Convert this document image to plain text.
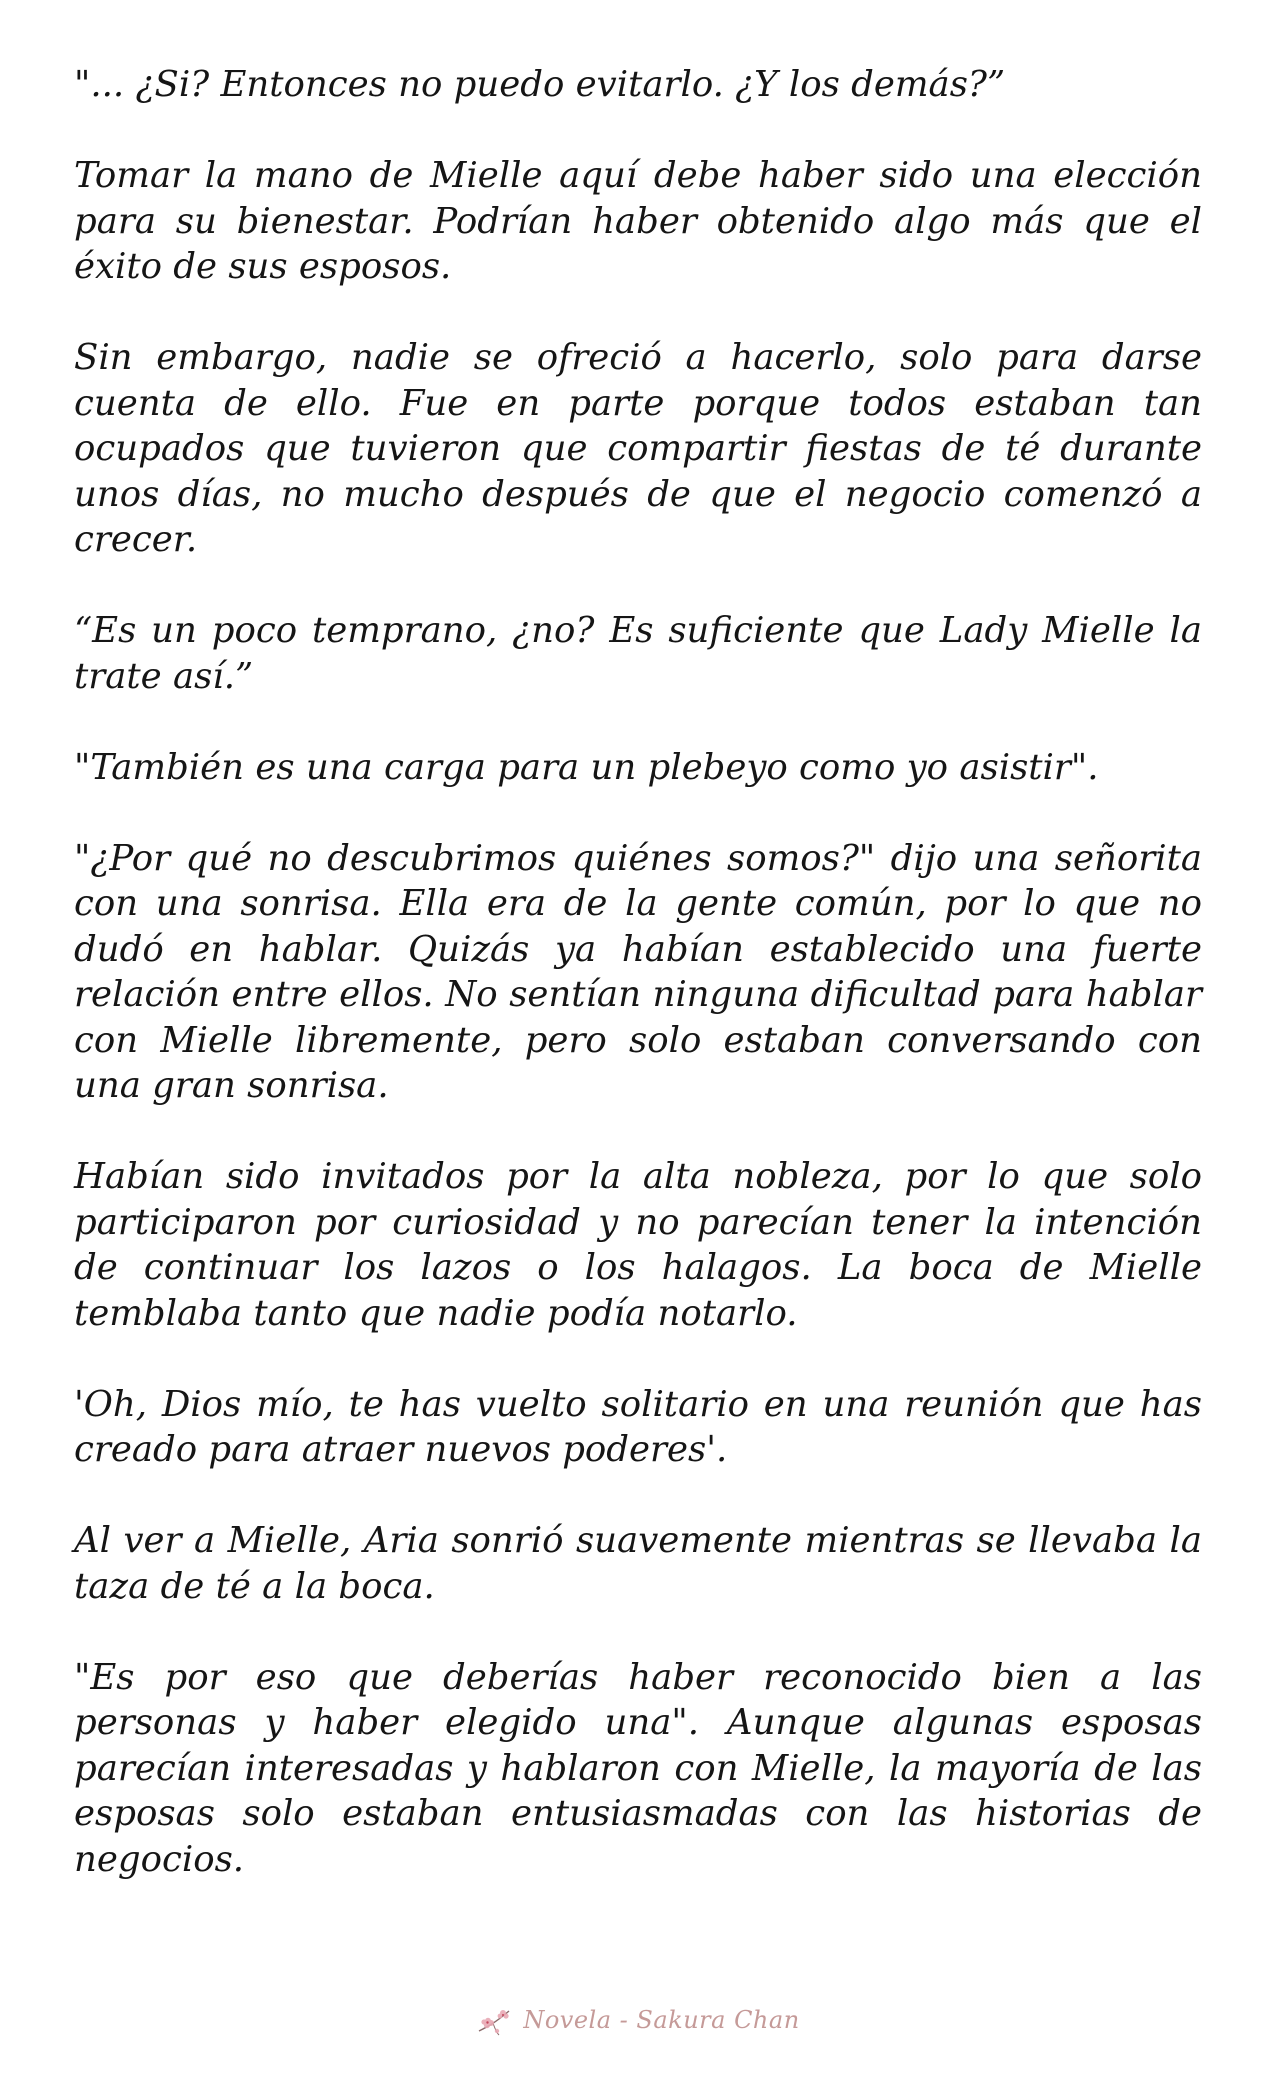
"... ¿Si? Entonces no puedo evitarlo. ¿Y los demás?”

Tomar la mano de Mielle aquí debe haber sido una elección para su bienestar. Podrían haber obtenido algo más que el éxito de sus esposos.

Sin embargo, nadie se ofreció a hacerlo, solo para darse cuenta de ello. Fue en parte porque todos estaban tan ocupados que tuvieron que compartir fiestas de té durante unos días, no mucho después de que el negocio comenzó a crecer.

“Es un poco temprano, ¿no? Es suficiente que Lady Mielle la trate así.”

"También es una carga para un plebeyo como yo asistir".

"¿Por qué no descubrimos quiénes somos?" dijo una señorita con una sonrisa. Ella era de la gente común, por lo que no dudó en hablar. Quizás ya habían establecido una fuerte relación entre ellos. No sentían ninguna dificultad para hablar con Mielle libremente, pero solo estaban conversando con una gran sonrisa.

Habían sido invitados por la alta nobleza, por lo que solo participaron por curiosidad y no parecían tener la intención de continuar los lazos o los halagos. La boca de Mielle temblaba tanto que nadie podía notarlo.

'Oh, Dios mío, te has vuelto solitario en una reunión que has creado para atraer nuevos poderes'.

Al ver a Mielle, Aria sonrió suavemente mientras se llevaba la taza de té a la boca.

"Es por eso que deberías haber reconocido bien a las personas y haber elegido una". Aunque algunas esposas parecían interesadas y hablaron con Mielle, la mayoría de las esposas solo estaban entusiasmadas con las historias de negocios.

Novela - Sakura Chan
